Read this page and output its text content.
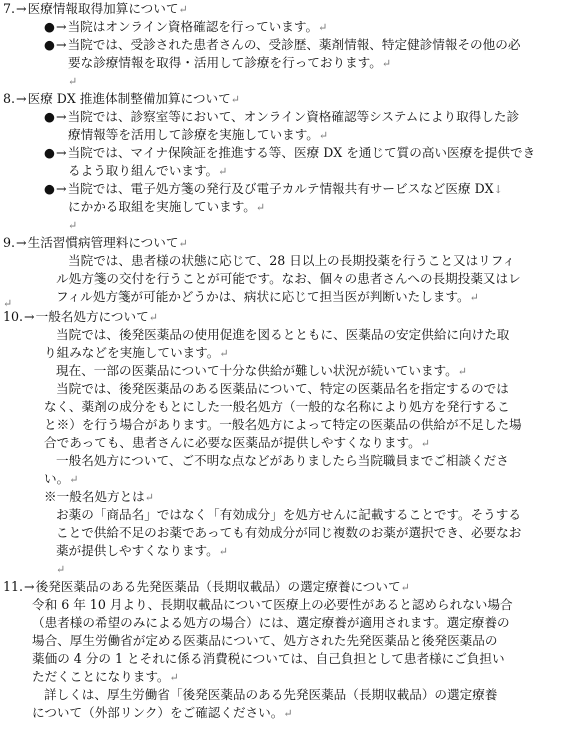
7.→医療情報取得加算について↵
●→当院はオンライン資格確認を行っています。↵
●→当院では、受診された患者さんの、受診歴、薬剤情報、特定健診情報その他の必
要な診療情報を取得・活用して診療を行っております。↵
↵
8.→医療 DX 推進体制整備加算について↵
●→当院では、診察室等において、オンライン資格確認等システムにより取得した診
療情報等を活用して診療を実施しています。↵
●→当院では、マイナ保険証を推進する等、医療 DX を通じて質の高い医療を提供でき
るよう取り組んでいます。↵
●→当院では、電子処方箋の発行及び電子カルテ情報共有サービスなど医療 DX↓
にかかる取組を実施しています。↵
↵
9.→生活習慣病管理料について↵
当院では、患者様の状態に応じて、28 日以上の長期投薬を行うこと又はリフィ
ル処方箋の交付を行うことが可能です。なお、個々の患者さんへの長期投薬又はレ
フィル処方箋が可能かどうかは、病状に応じて担当医が判断いたします。↵
↵
10.→一般名処方について↵
当院では、後発医薬品の使用促進を図るとともに、医薬品の安定供給に向けた取
り組みなどを実施しています。↵
現在、一部の医薬品について十分な供給が難しい状況が続いています。↵
当院では、後発医薬品のある医薬品について、特定の医薬品名を指定するのでは
なく、薬剤の成分をもとにした一般名処方（一般的な名称により処方を発行するこ
と※）を行う場合があります。一般名処方によって特定の医薬品の供給が不足した場
合であっても、患者さんに必要な医薬品が提供しやすくなります。↵
一般名処方について、ご不明な点などがありましたら当院職員までご相談くださ
い。↵
※一般名処方とは↵
お薬の「商品名」ではなく「有効成分」を処方せんに記載することです。そうする
ことで供給不足のお薬であっても有効成分が同じ複数のお薬が選択でき、必要なお
薬が提供しやすくなります。↵
↵
11.→後発医薬品のある先発医薬品（長期収載品）の選定療養について↵
令和 6 年 10 月より、長期収載品について医療上の必要性があると認められない場合
（患者様の希望のみによる処方の場合）には、選定療養が適用されます。選定療養の
場合、厚生労働省が定める医薬品について、処方された先発医薬品と後発医薬品の
薬価の 4 分の 1 とそれに係る消費税については、自己負担として患者様にご負担い
ただくことになります。↵
詳しくは、厚生労働省「後発医薬品のある先発医薬品（長期収載品）の選定療養
について（外部リンク）をご確認ください。↵
